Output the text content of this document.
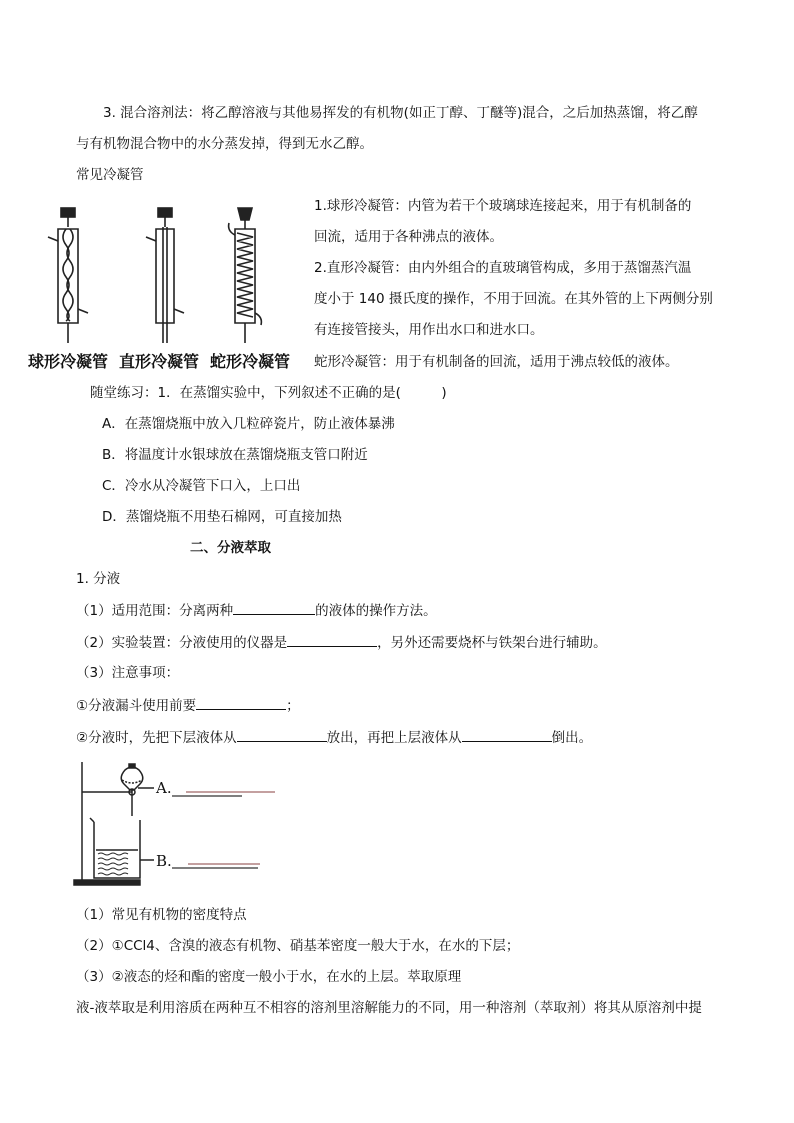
3. 混合溶剂法：将乙醇溶液与其他易挥发的有机物(如正丁醇、丁醚等)混合，之后加热蒸馏，将乙醇
与有机物混合物中的水分蒸发掉，得到无水乙醇。
常见冷凝管
球形冷凝管 直形冷凝管 蛇形冷凝管
1.球形冷凝管：内管为若干个玻璃球连接起来，用于有机制备的
回流，适用于各种沸点的液体。
2.直形冷凝管：由内外组合的直玻璃管构成，多用于蒸馏蒸汽温
度小于 140 摄氏度的操作，不用于回流。在其外管的上下两侧分别
有连接管接头，用作出水口和进水口。
蛇形冷凝管：用于有机制备的回流，适用于沸点较低的液体。
随堂练习：1．在蒸馏实验中，下列叙述不正确的是(　　　)
A．在蒸馏烧瓶中放入几粒碎瓷片，防止液体暴沸
B．将温度计水银球放在蒸馏烧瓶支管口附近
C．冷水从冷凝管下口入，上口出
D．蒸馏烧瓶不用垫石棉网，可直接加热
二、分液萃取
1. 分液
（1）适用范围：分离两种	的液体的操作方法。
（2）实验装置：分液使用的仪器是	，另外还需要烧杯与铁架台进行辅助。
（3）注意事项：
①分液漏斗使用前要	；
②分液时，先把下层液体从	放出，再把上层液体从	倒出。
A.
B.
（1）常见有机物的密度特点
（2）①CCl4、含溴的液态有机物、硝基苯密度一般大于水，在水的下层；
（3）②液态的烃和酯的密度一般小于水，在水的上层。萃取原理
液-液萃取是利用溶质在两种互不相容的溶剂里溶解能力的不同，用一种溶剂（萃取剂）将其从原溶剂中提
